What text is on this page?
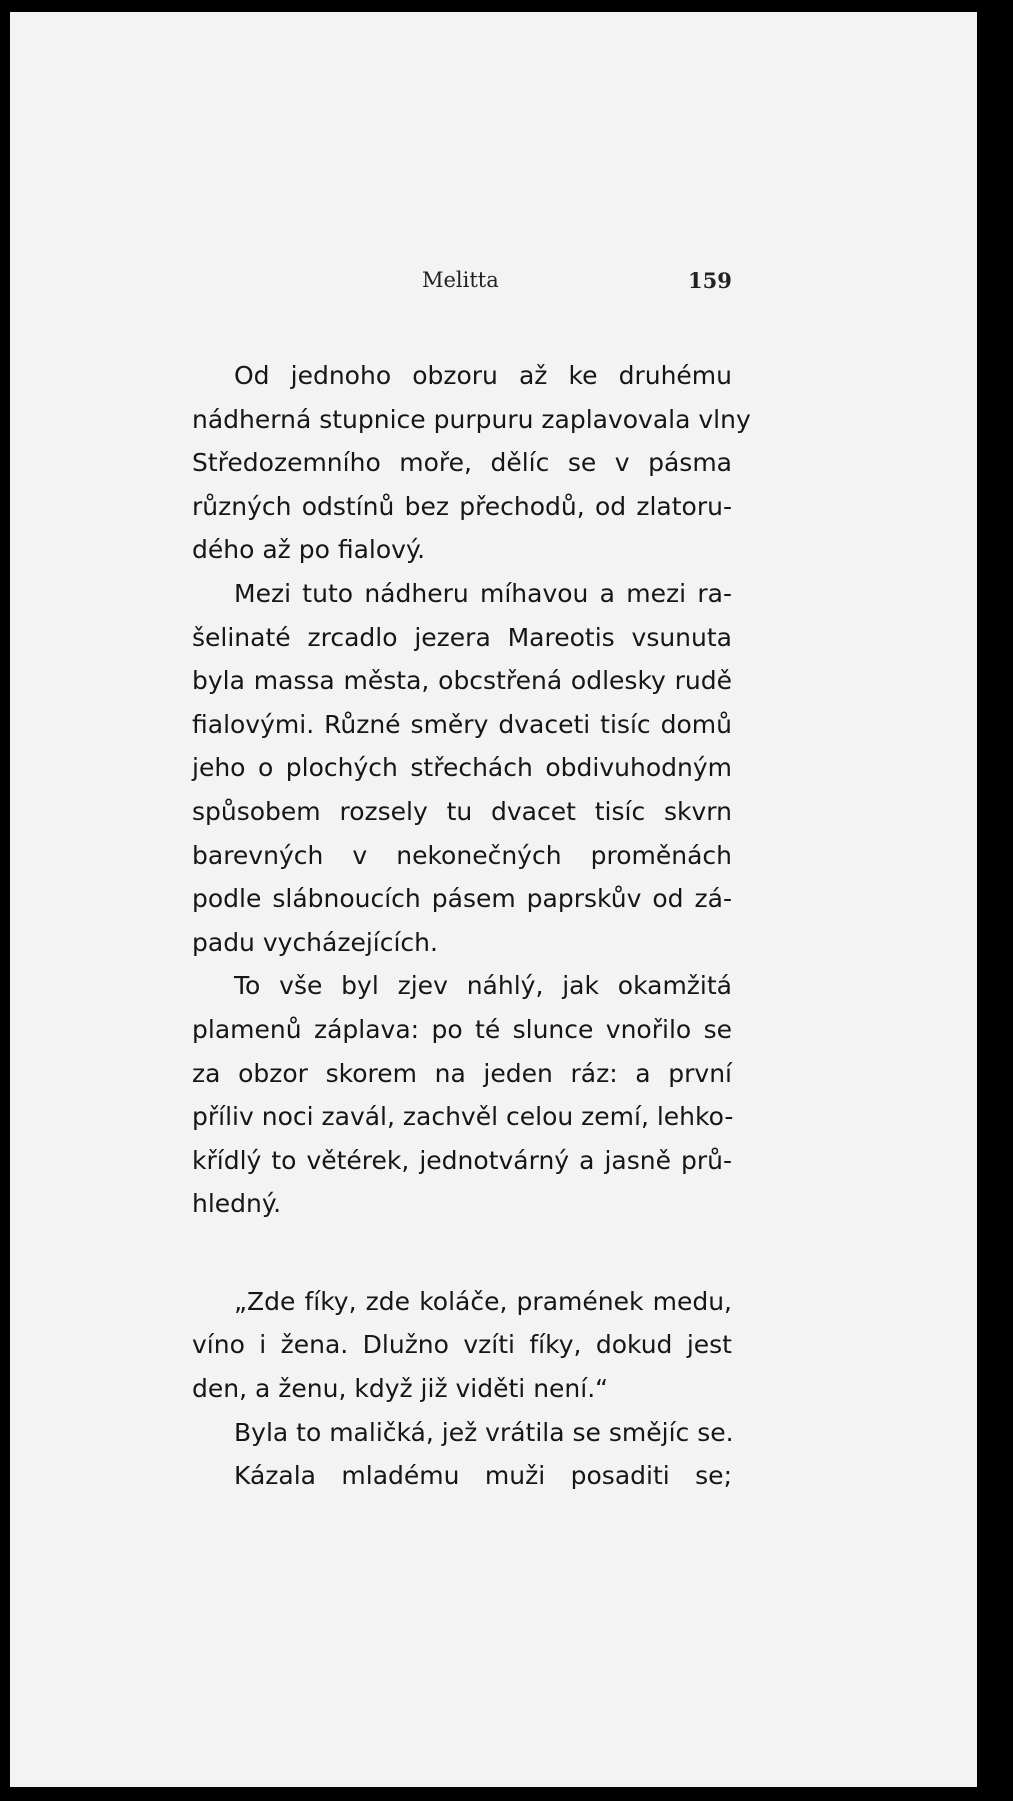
Melitta	159
Od jednoho obzoru až ke druhému
nádherná stupnice purpuru zaplavovala vlny
Středozemního moře, dělíc se v pásma
různých odstínů bez přechodů, od zlatoru-
dého až po fialový.
Mezi tuto nádheru míhavou a mezi ra-
šelinaté zrcadlo jezera Mareotis vsunuta
byla massa města, obcstřená odlesky rudě
fialovými. Různé směry dvaceti tisíc domů
jeho o plochých střechách obdivuhodným
spůsobem rozsely tu dvacet tisíc skvrn
barevných v nekonečných proměnách
podle slábnoucích pásem paprskův od zá-
padu vycházejících.
To vše byl zjev náhlý, jak okamžitá
plamenů záplava: po té slunce vnořilo se
za obzor skorem na jeden ráz: a první
příliv noci zavál, zachvěl celou zemí, lehko-
křídlý to větérek, jednotvárný a jasně prů-
hledný.
„Zde fíky, zde koláče, pramének medu,
víno i žena. Dlužno vzíti fíky, dokud jest
den, a ženu, když již viděti není.“
Byla to maličká, jež vrátila se smějíc se.
Kázala mladému muži posaditi se;
